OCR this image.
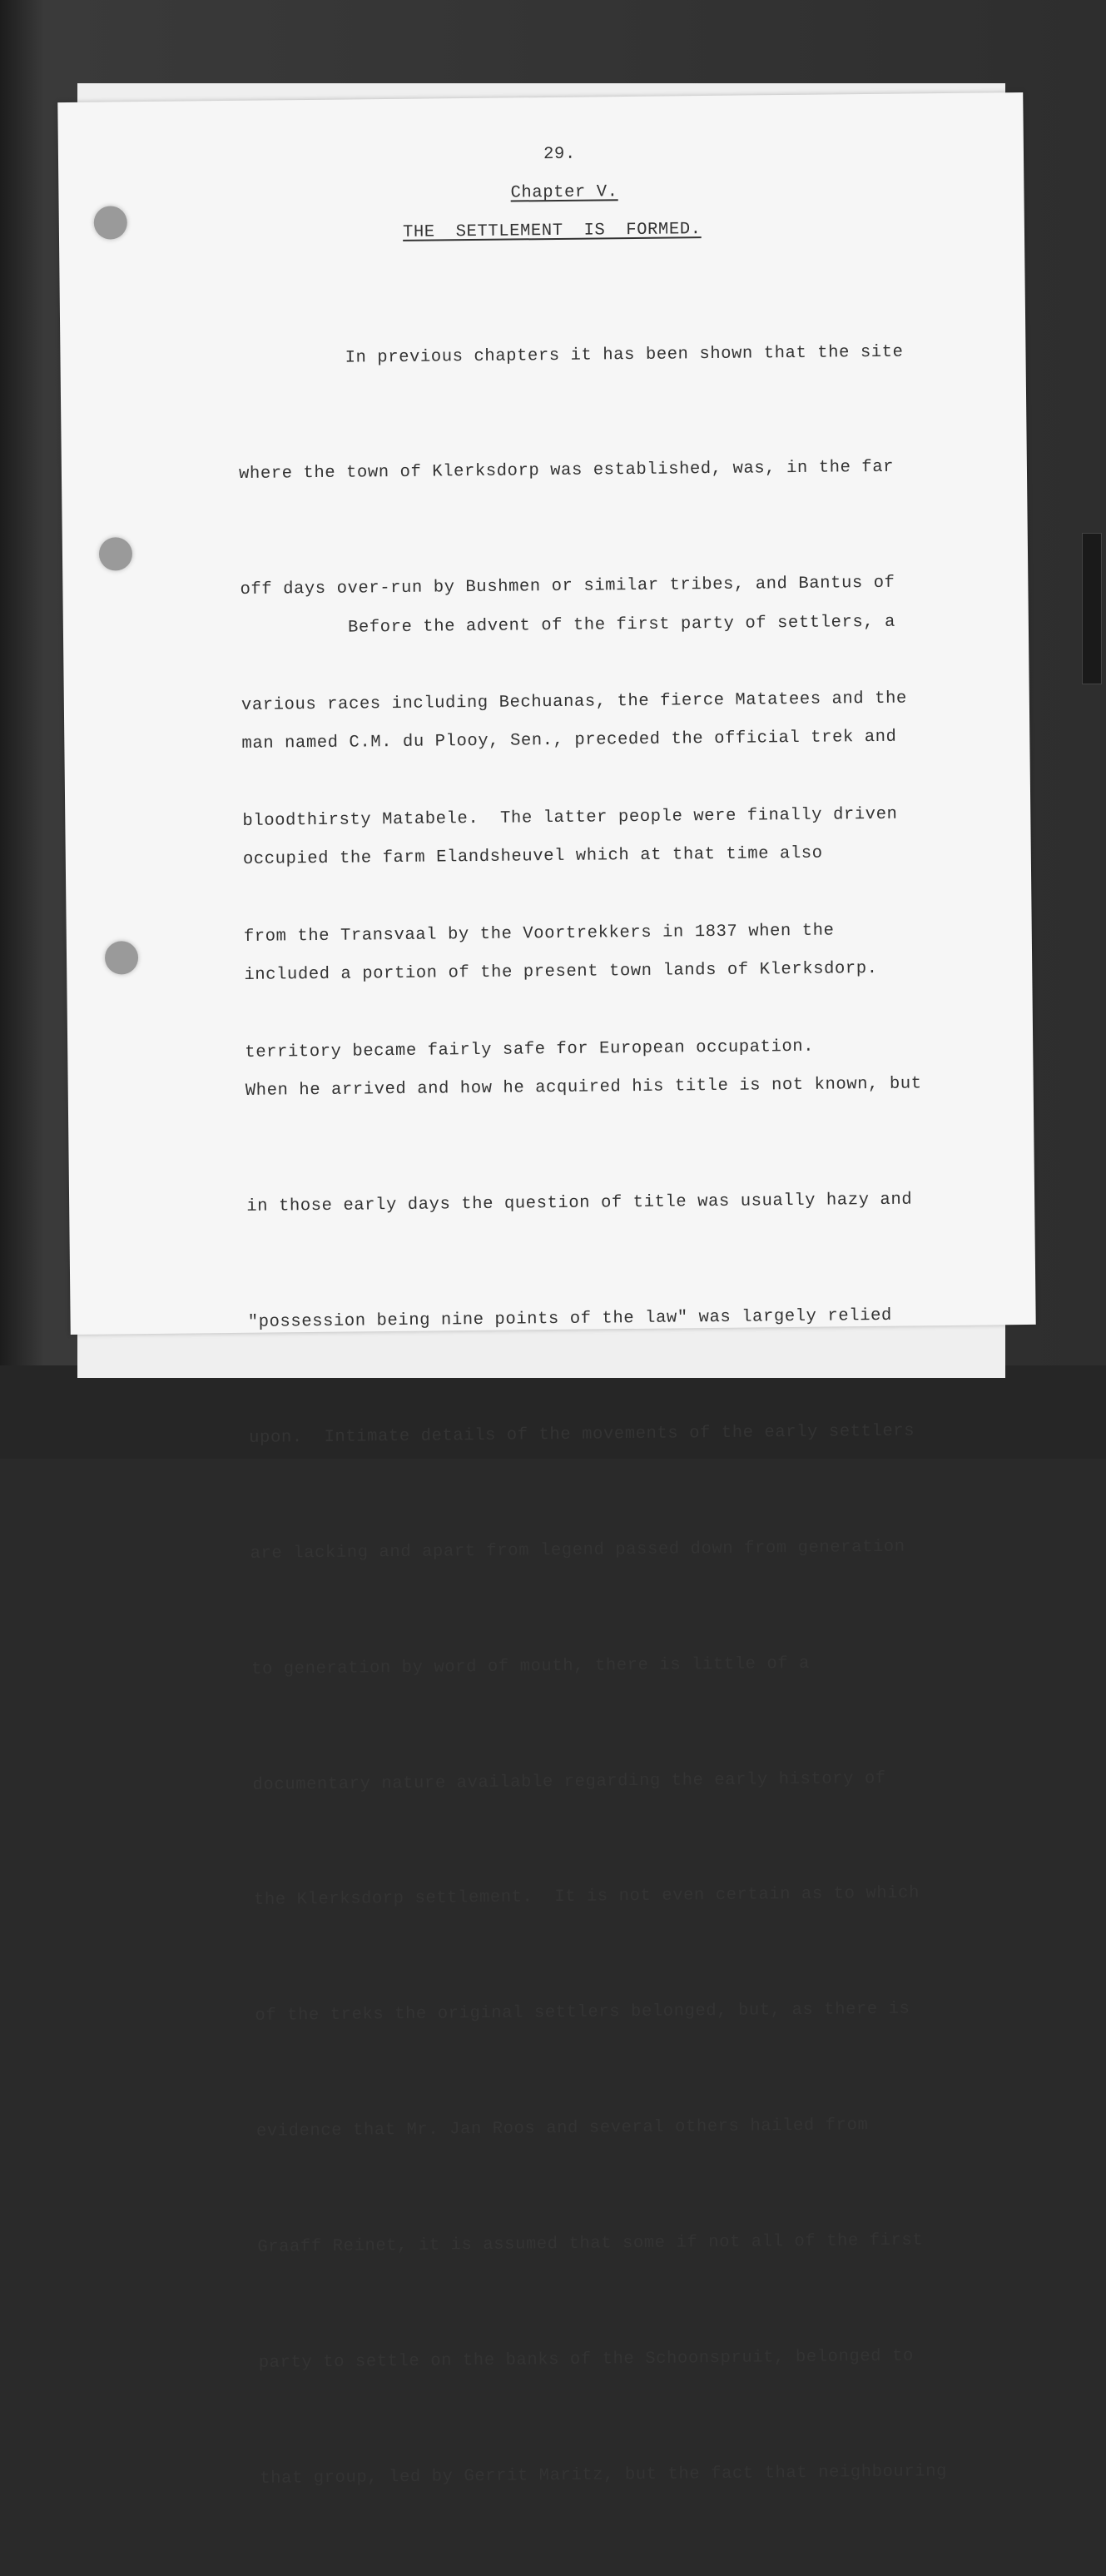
29.

Chapter V.

THE SETTLEMENT IS FORMED.

In previous chapters it has been shown that the site

where the town of Klerksdorp was established, was, in the far

off days over-run by Bushmen or similar tribes, and Bantus of

various races including Bechuanas, the fierce Matatees and the

bloodthirsty Matabele.  The latter people were finally driven

from the Transvaal by the Voortrekkers in 1837 when the

territory became fairly safe for European occupation.

Before the advent of the first party of settlers, a

man named C.M. du Plooy, Sen., preceded the official trek and

occupied the farm Elandsheuvel which at that time also

included a portion of the present town lands of Klerksdorp.

When he arrived and how he acquired his title is not known, but

in those early days the question of title was usually hazy and

"possession being nine points of the law" was largely relied

upon.  Intimate details of the movements of the early settlers

are lacking and apart from legend passed down from generation

to generation by word of mouth, there is little of a

documentary nature available regarding the early history of

the Klerksdorp settlement.  It is not even certain as to which

of the treks the original settlers belonged, but, as there is

evidence that Mr. Jan Roos and several others hailed from

Graaff Reinet, it is assumed that some if not all of the first

party to settle on the banks of the Schoonspruit, belonged to

that group, led by Gerrit Maritz, but the fact that neighbouring
